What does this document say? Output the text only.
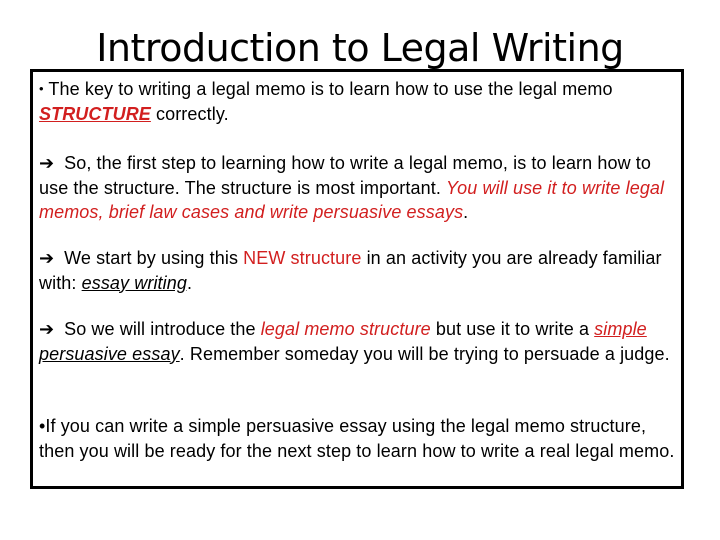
Introduction to Legal Writing
• The key to writing a legal memo is to learn how to use the legal memo STRUCTURE correctly.
➔ So, the first step to learning how to write a legal memo, is to learn how to use the structure. The structure is most important. You will use it to write legal memos, brief law cases and write persuasive essays.
➔ We start by using this NEW structure in an activity you are already familiar with: essay writing.
➔ So we will introduce the legal memo structure but use it to write a simple persuasive essay. Remember someday you will be trying to persuade a judge.
•If you can write a simple persuasive essay using the legal memo structure, then you will be ready for the next step to learn how to write a real legal memo.
